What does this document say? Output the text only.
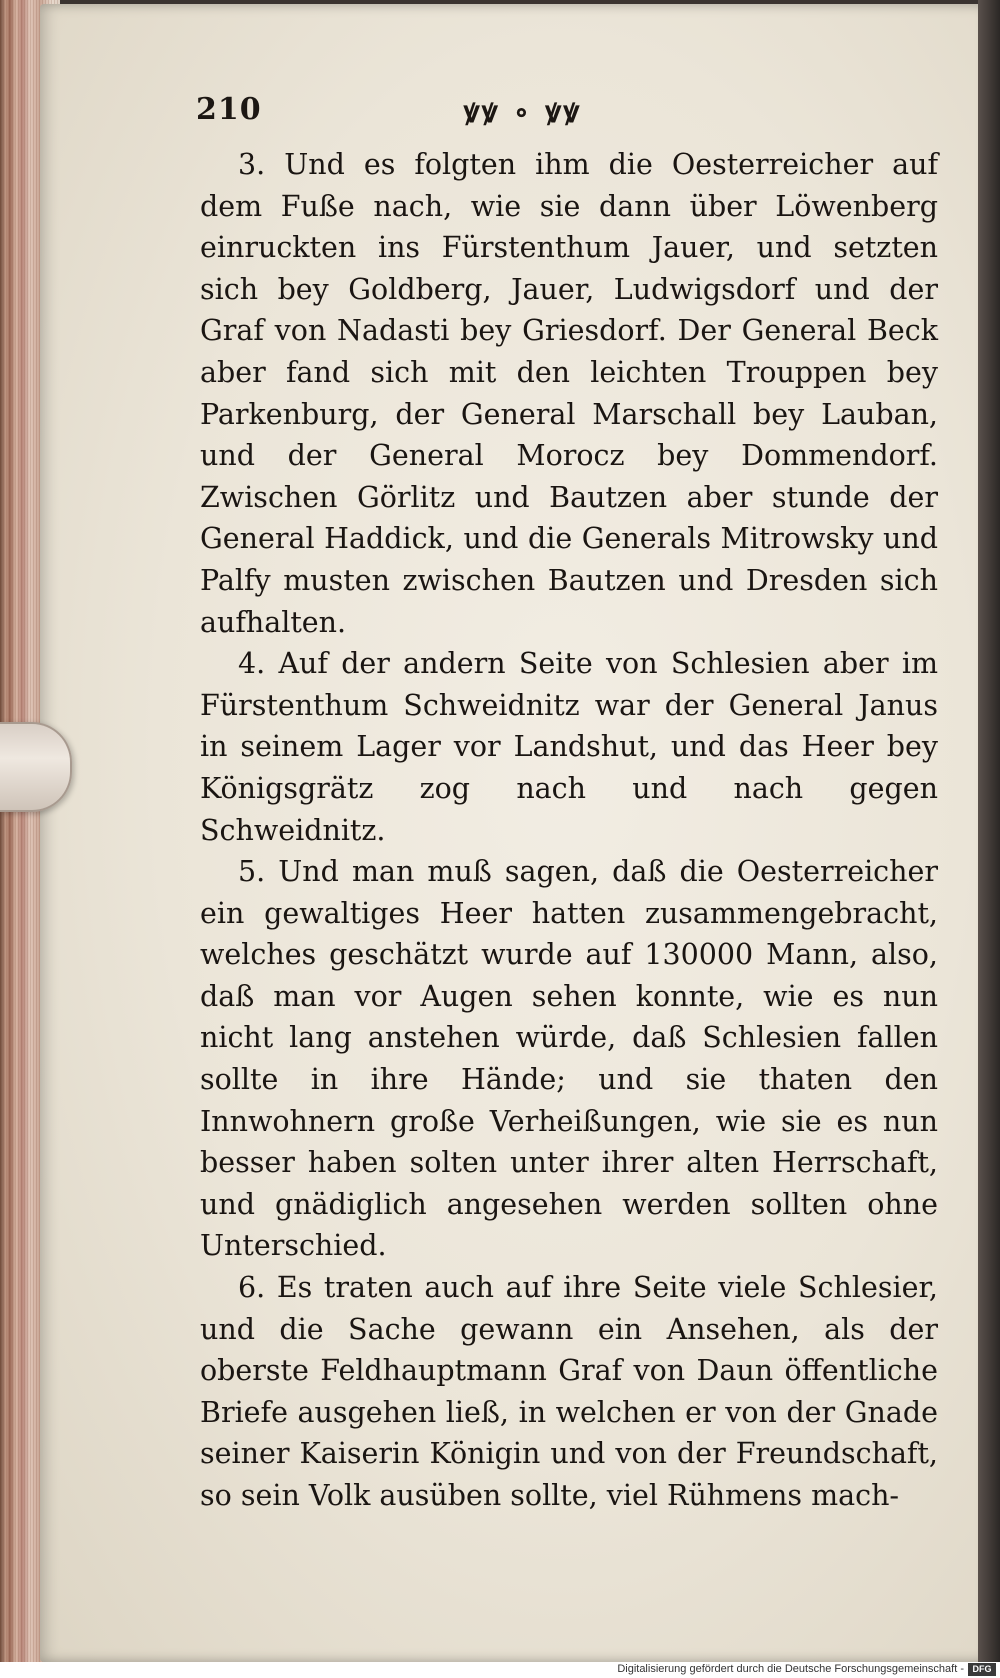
210	ꝟꝟ ∘ ꝟꝟ

3. Und es folgten ihm die Oesterreicher auf dem Fuße nach, wie sie dann über Löwenberg einruckten ins Fürstenthum Jauer, und setzten sich bey Goldberg, Jauer, Ludwigsdorf und der Graf von Nadasti bey Griesdorf. Der General Beck aber fand sich mit den leichten Trouppen bey Parkenburg, der General Marschall bey Lauban, und der General Morocz bey Dommendorf. Zwischen Görlitz und Bautzen aber stunde der General Haddick, und die Generals Mitrowsky und Palfy musten zwischen Bautzen und Dresden sich aufhalten.

4. Auf der andern Seite von Schlesien aber im Fürstenthum Schweidnitz war der General Janus in seinem Lager vor Landshut, und das Heer bey Königsgrätz zog nach und nach gegen Schweidnitz.

5. Und man muß sagen, daß die Oesterreicher ein gewaltiges Heer hatten zusammengebracht, welches geschätzt wurde auf 130000 Mann, also, daß man vor Augen sehen konnte, wie es nun nicht lang anstehen würde, daß Schlesien fallen sollte in ihre Hände; und sie thaten den Innwohnern große Verheißungen, wie sie es nun besser haben solten unter ihrer alten Herrschaft, und gnädiglich angesehen werden sollten ohne Unterschied.

6. Es traten auch auf ihre Seite viele Schlesier, und die Sache gewann ein Ansehen, als der oberste Feldhauptmann Graf von Daun öffentliche Briefe ausgehen ließ, in welchen er von der Gnade seiner Kaiserin Königin und von der Freundschaft, so sein Volk ausüben sollte, viel Rühmens mach-

Digitalisierung gefördert durch die Deutsche Forschungsgemeinschaft - DFG
